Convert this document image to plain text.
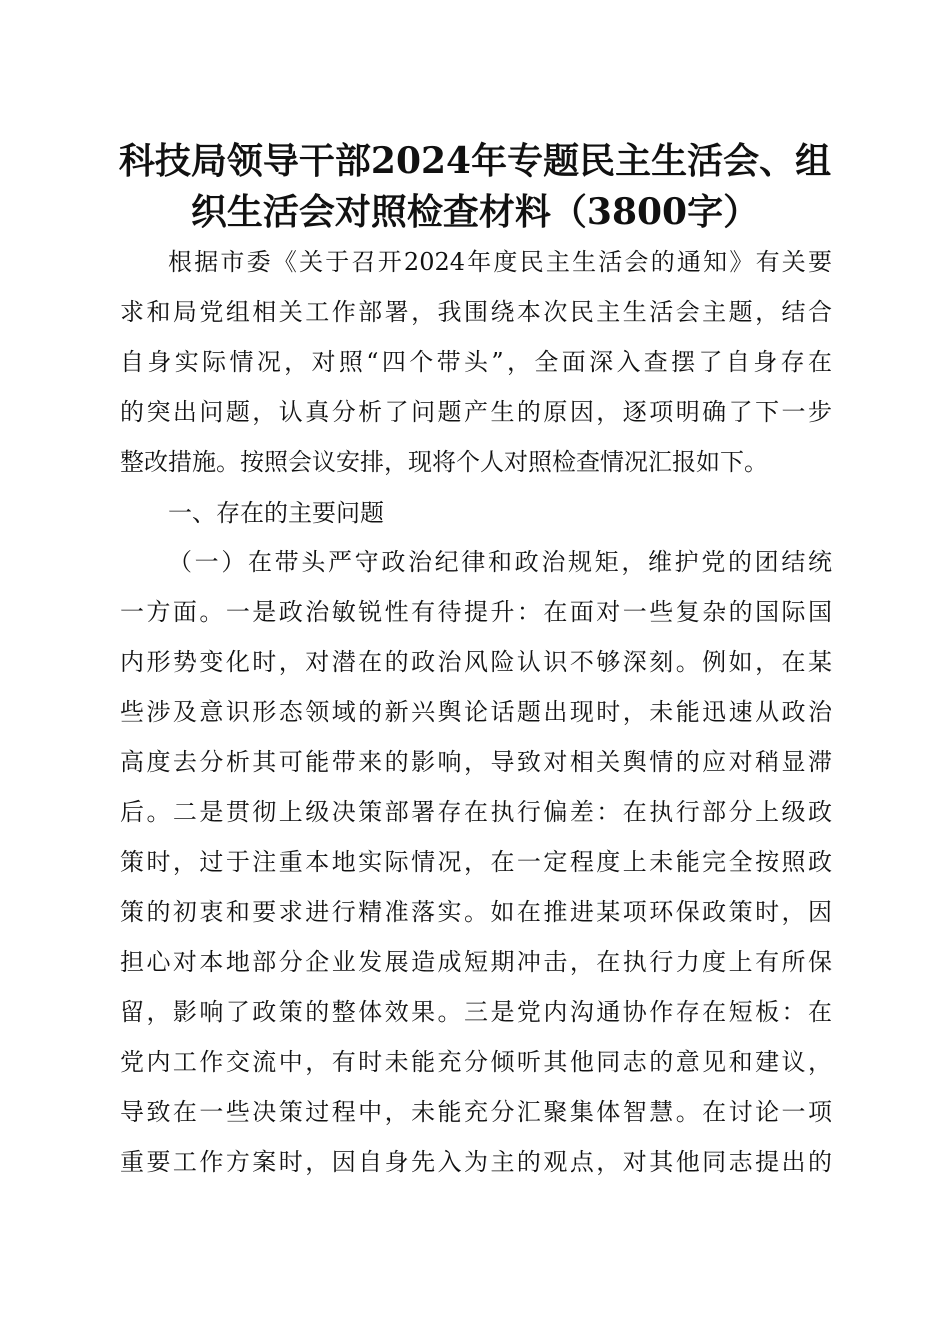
科技局领导干部2024年专题民主生活会、组
织生活会对照检查材料（3800字）
根据市委《关于召开2024年度民主生活会的通知》有关要
求和局党组相关工作部署，我围绕本次民主生活会主题，结合
自身实际情况，对照“四个带头”，全面深入查摆了自身存在
的突出问题，认真分析了问题产生的原因，逐项明确了下一步
整改措施。按照会议安排，现将个人对照检查情况汇报如下。
一、存在的主要问题
（一）在带头严守政治纪律和政治规矩，维护党的团结统
一方面。一是政治敏锐性有待提升：在面对一些复杂的国际国
内形势变化时，对潜在的政治风险认识不够深刻。例如，在某
些涉及意识形态领域的新兴舆论话题出现时，未能迅速从政治
高度去分析其可能带来的影响，导致对相关舆情的应对稍显滞
后。二是贯彻上级决策部署存在执行偏差：在执行部分上级政
策时，过于注重本地实际情况，在一定程度上未能完全按照政
策的初衷和要求进行精准落实。如在推进某项环保政策时，因
担心对本地部分企业发展造成短期冲击，在执行力度上有所保
留，影响了政策的整体效果。三是党内沟通协作存在短板：在
党内工作交流中，有时未能充分倾听其他同志的意见和建议，
导致在一些决策过程中，未能充分汇聚集体智慧。在讨论一项
重要工作方案时，因自身先入为主的观点，对其他同志提出的
